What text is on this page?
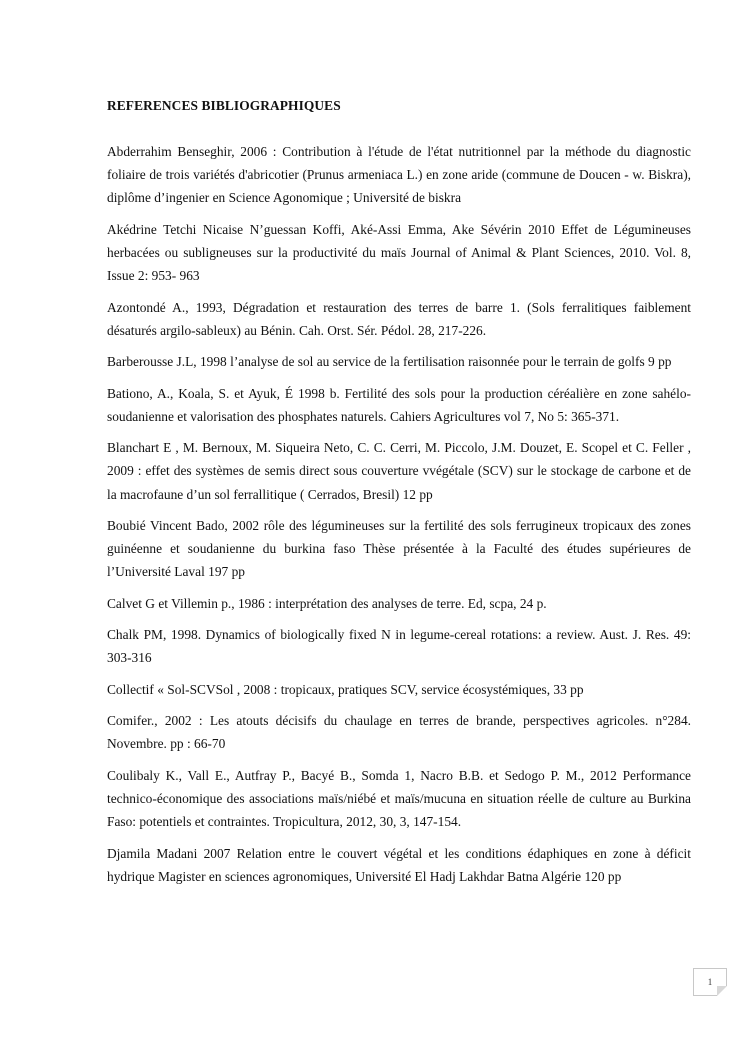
REFERENCES BIBLIOGRAPHIQUES
Abderrahim Benseghir, 2006 : Contribution à l'étude de l'état nutritionnel par la méthode du diagnostic foliaire de trois variétés d'abricotier (Prunus armeniaca L.) en zone aride (commune de Doucen - w. Biskra), diplôme d’ingenier en Science Agonomique ; Université de biskra
Akédrine Tetchi Nicaise N’guessan Koffi, Aké-Assi Emma, Ake Sévérin 2010 Effet de Légumineuses herbacées ou subligneuses sur la productivité du maïs Journal of Animal & Plant Sciences, 2010. Vol. 8, Issue 2: 953- 963
Azontondé A., 1993, Dégradation et restauration des terres de barre 1. (Sols ferralitiques faiblement désaturés argilo-sableux) au Bénin. Cah. Orst. Sér. Pédol. 28, 217-226.
Barberousse J.L, 1998 l’analyse de sol au service de la fertilisation raisonnée pour le terrain de golfs 9 pp
Bationo, A., Koala, S. et Ayuk, É 1998 b. Fertilité des sols pour la production céréalière en zone sahélo-soudanienne et valorisation des phosphates naturels. Cahiers Agricultures vol 7, No 5: 365-371.
Blanchart E , M. Bernoux, M. Siqueira Neto, C. C. Cerri, M. Piccolo, J.M. Douzet, E. Scopel et C. Feller , 2009 : effet des systèmes de semis direct sous couverture vvégétale (SCV) sur le stockage de carbone et de la macrofaune d’un sol ferrallitique ( Cerrados, Bresil) 12 pp
Boubié Vincent Bado, 2002 rôle des légumineuses sur la fertilité des sols ferrugineux tropicaux des zones guinéenne et soudanienne du burkina faso Thèse présentée à la Faculté des études supérieures de l’Université Laval 197 pp
Calvet G et Villemin p., 1986 : interprétation des analyses de terre. Ed, scpa, 24 p.
Chalk PM, 1998. Dynamics of biologically fixed N in legume-cereal rotations: a review. Aust. J. Res. 49: 303-316
Collectif « Sol-SCVSol , 2008 : tropicaux, pratiques SCV, service écosystémiques, 33 pp
Comifer., 2002 : Les atouts décisifs du chaulage en terres de brande, perspectives agricoles. n°284. Novembre. pp : 66-70
Coulibaly K., Vall E., Autfray P., Bacyé B., Somda 1, Nacro B.B. et Sedogo P. M., 2012 Performance technico-économique des associations maïs/niébé et maïs/mucuna en situation réelle de culture au Burkina Faso: potentiels et contraintes. Tropicultura, 2012, 30, 3, 147-154.
Djamila Madani 2007 Relation entre le couvert végétal et les conditions édaphiques en zone à déficit hydrique Magister en sciences agronomiques, Université El Hadj Lakhdar Batna Algérie 120 pp
1
